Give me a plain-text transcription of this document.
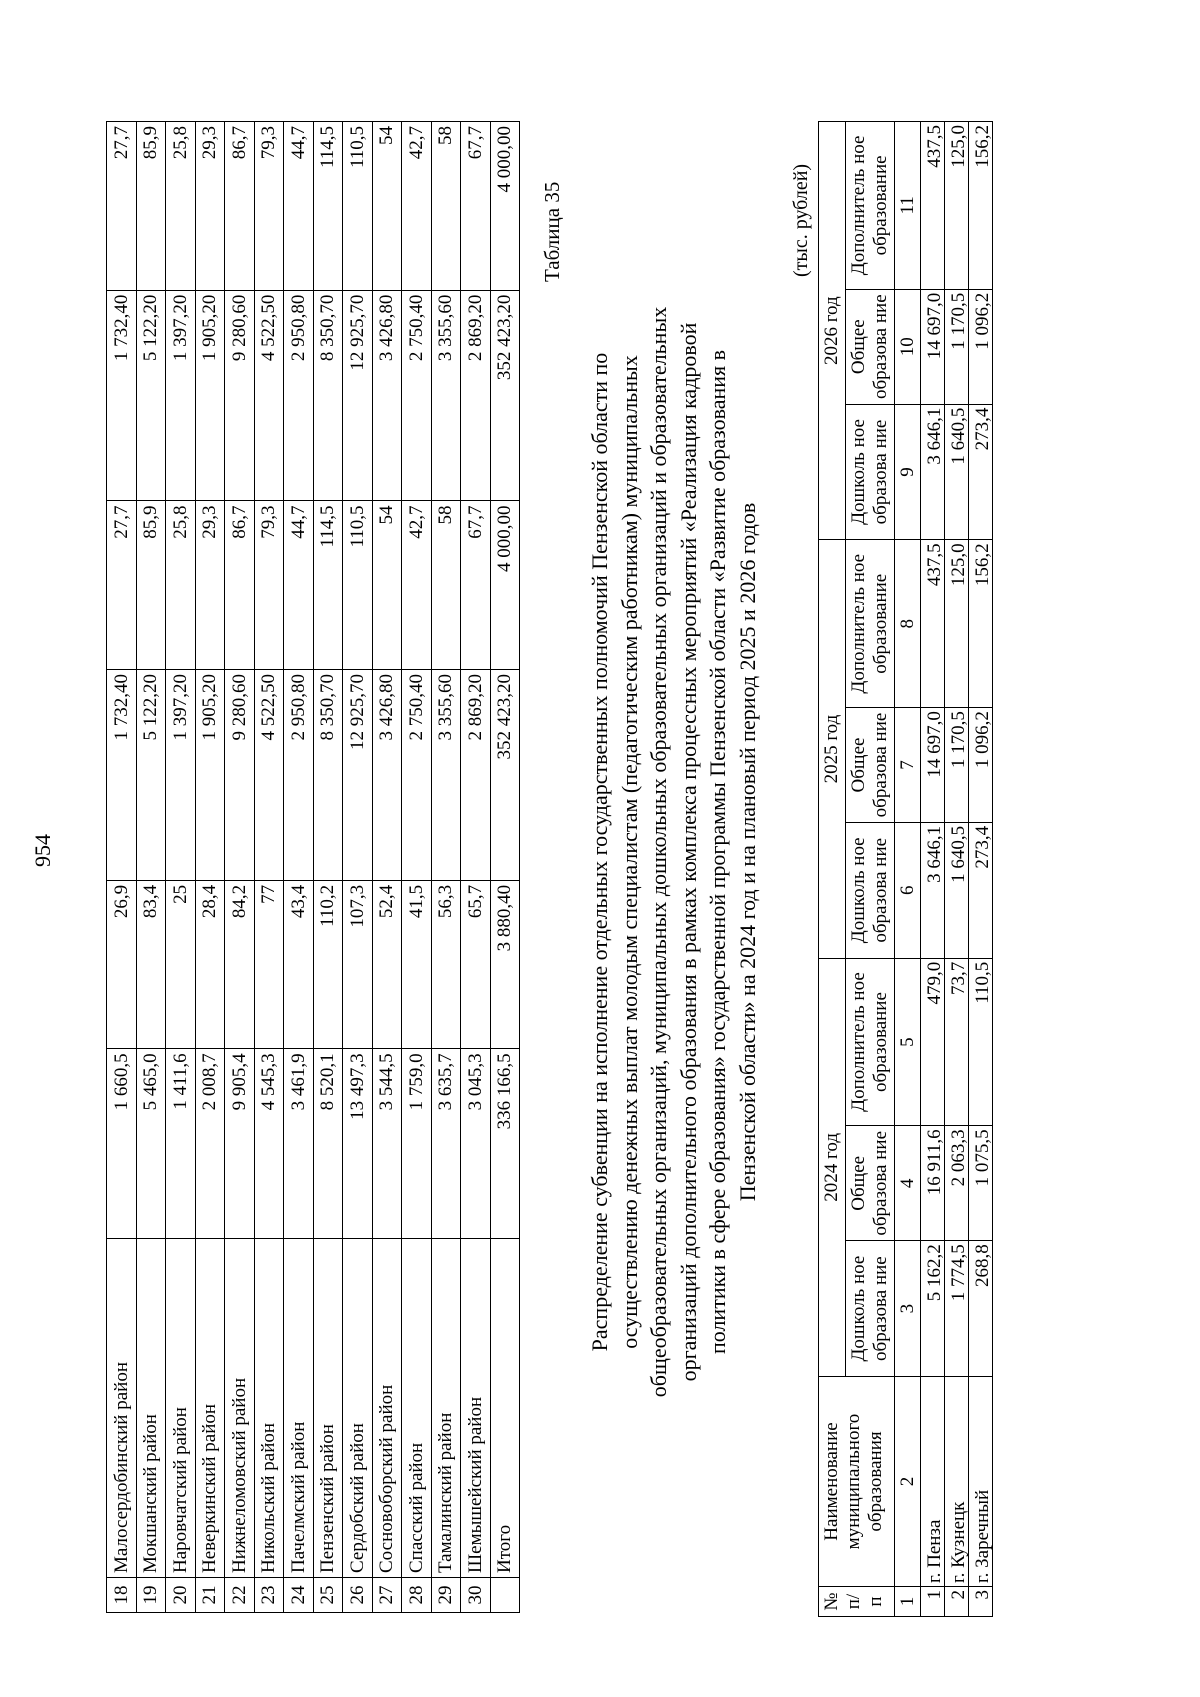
954
18	Малосердобинский район	1 660,5	26,9	1 732,40	27,7	1 732,40	27,7
19	Мокшанский район	5 465,0	83,4	5 122,20	85,9	5 122,20	85,9
20	Наровчатский район	1 411,6	25	1 397,20	25,8	1 397,20	25,8
21	Неверкинский район	2 008,7	28,4	1 905,20	29,3	1 905,20	29,3
22	Нижнеломовский район	9 905,4	84,2	9 280,60	86,7	9 280,60	86,7
23	Никольский район	4 545,3	77	4 522,50	79,3	4 522,50	79,3
24	Пачелмский район	3 461,9	43,4	2 950,80	44,7	2 950,80	44,7
25	Пензенский район	8 520,1	110,2	8 350,70	114,5	8 350,70	114,5
26	Сердобский район	13 497,3	107,3	12 925,70	110,5	12 925,70	110,5
27	Сосновоборский район	3 544,5	52,4	3 426,80	54	3 426,80	54
28	Спасский район	1 759,0	41,5	2 750,40	42,7	2 750,40	42,7
29	Тамалинский район	3 635,7	56,3	3 355,60	58	3 355,60	58
30	Шемышейский район	3 045,3	65,7	2 869,20	67,7	2 869,20	67,7
	Итого	336 166,5	3 880,40	352 423,20	4 000,00	352 423,20	4 000,00
Таблица 35
Распределение субвенции на исполнение отдельных государственных полномочий Пензенской области по осуществлению денежных выплат молодым специалистам (педагогическим работникам) муниципальных общеобразовательных организаций, муниципальных дошкольных образовательных организаций и образовательных организаций дополнительного образования в рамках комплекса процессных мероприятий «Реализация кадровой политики в сфере образования» государственной программы Пензенской области «Развитие образования в Пензенской области» на 2024 год и на плановый период 2025 и 2026 годов
(тыс. рублей)
№ п/п	Наименование муниципального образования	2024 год			2025 год			2026 год		
		Дошколь ное образова ние	Общее образова ние	Дополнитель ное образование	Дошколь ное образова ние	Общее образова ние	Дополнитель ное образование	Дошколь ное образова ние	Общее образова ние	Дополнитель ное образование
1	2	3	4	5	6	7	8	9	10	11
1	г. Пенза	5 162,2	16 911,6	479,0	3 646,1	14 697,0	437,5	3 646,1	14 697,0	437,5
2	г. Кузнецк	1 774,5	2 063,3	73,7	1 640,5	1 170,5	125,0	1 640,5	1 170,5	125,0
3	г. Заречный	268,8	1 075,5	110,5	273,4	1 096,2	156,2	273,4	1 096,2	156,2
